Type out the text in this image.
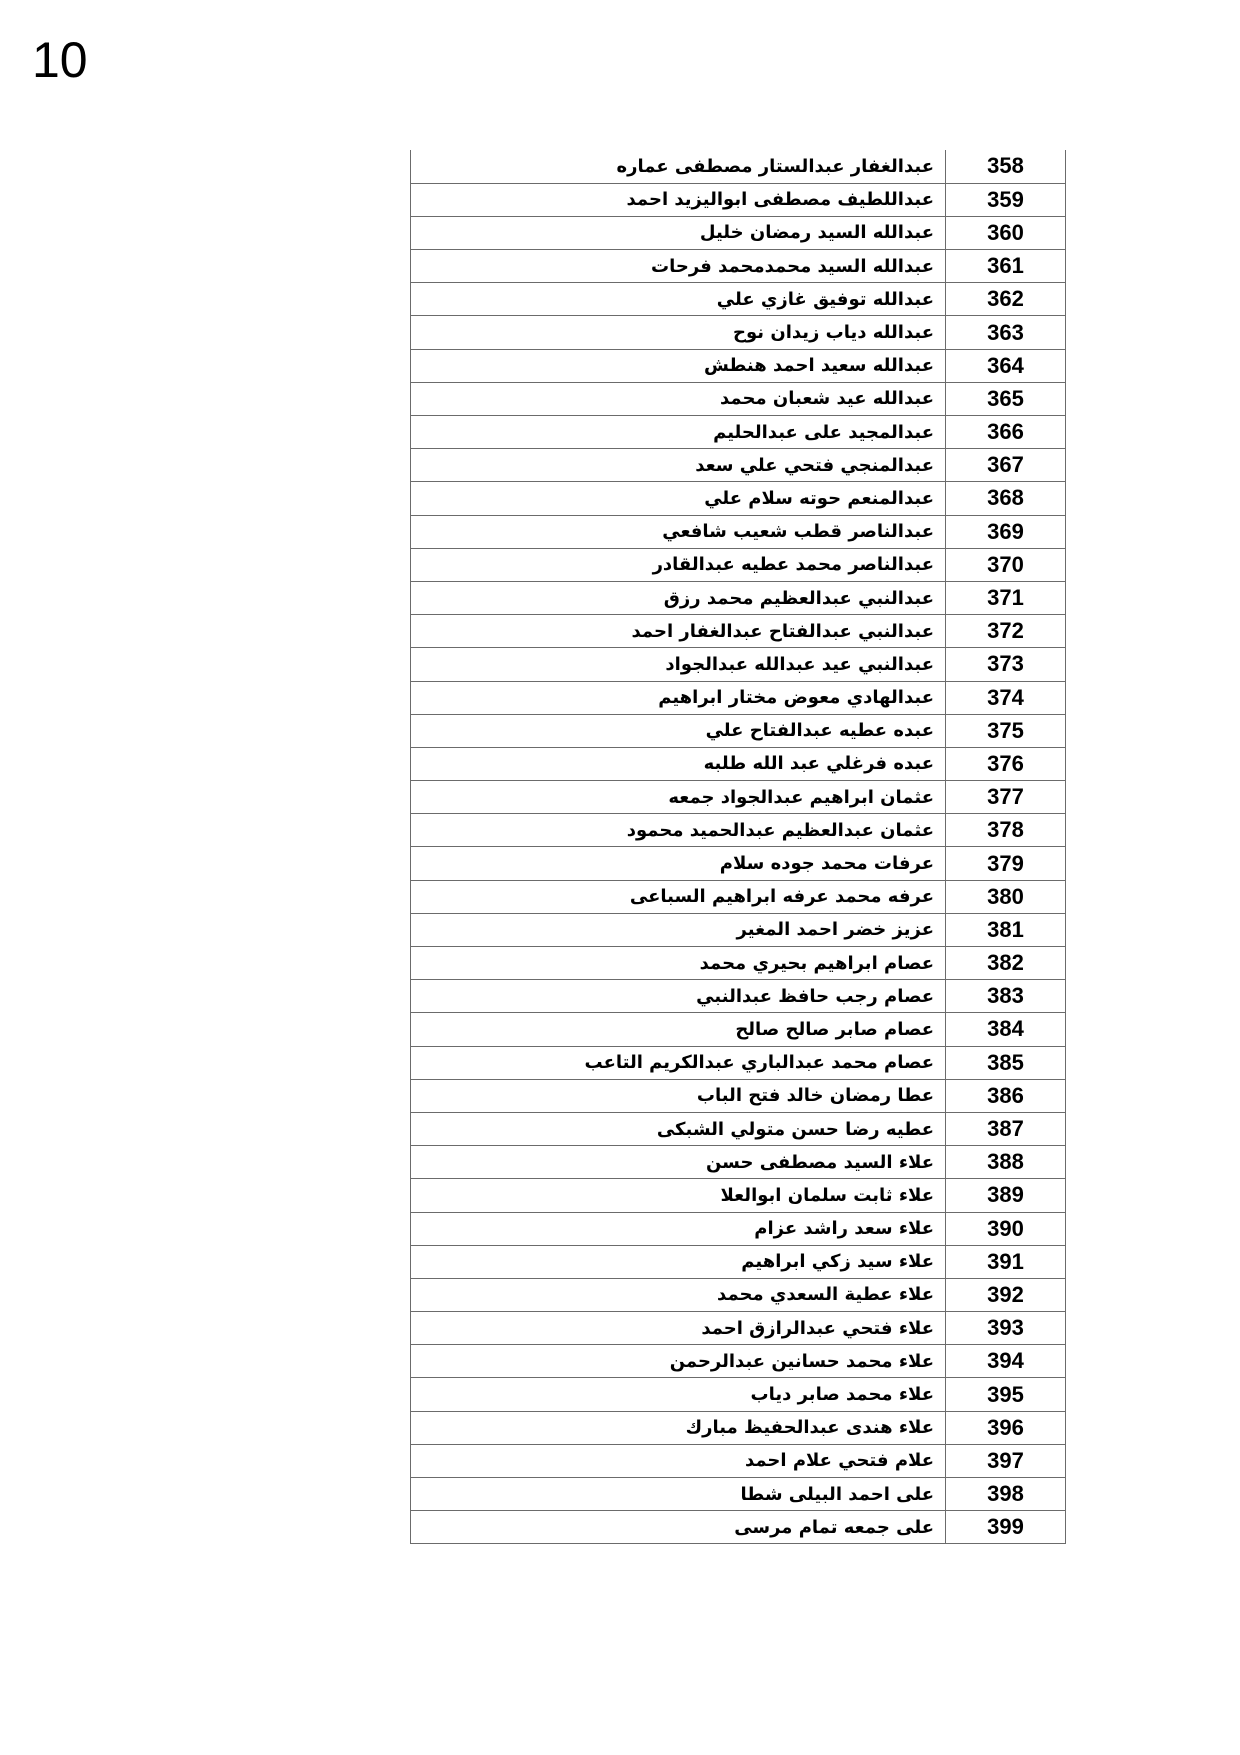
10
عبدالغفار عبدالستار مصطفى عماره	358
عبداللطيف مصطفى ابواليزيد احمد	359
عبدالله السيد رمضان خليل	360
عبدالله السيد محمدمحمد فرحات	361
عبدالله توفيق غازي علي	362
عبدالله دياب زيدان نوح	363
عبدالله سعيد احمد هنطش	364
عبدالله عيد شعبان محمد	365
عبدالمجيد على عبدالحليم	366
عبدالمنجي فتحي علي سعد	367
عبدالمنعم حوته سلام علي	368
عبدالناصر قطب شعيب شافعي	369
عبدالناصر محمد عطيه عبدالقادر	370
عبدالنبي عبدالعظيم محمد رزق	371
عبدالنبي عبدالفتاح عبدالغفار احمد	372
عبدالنبي عيد عبدالله عبدالجواد	373
عبدالهادي معوض مختار ابراهيم	374
عبده عطيه عبدالفتاح علي	375
عبده فرغلي عبد الله طلبه	376
عثمان ابراهيم عبدالجواد جمعه	377
عثمان عبدالعظيم عبدالحميد محمود	378
عرفات محمد جوده سلام	379
عرفه محمد عرفه ابراهيم السباعى	380
عزيز خضر احمد المغير	381
عصام ابراهيم بحيري محمد	382
عصام رجب حافظ عبدالنبي	383
عصام صابر صالح صالح	384
عصام محمد عبدالباري عبدالكريم التاعب	385
عطا رمضان خالد فتح الباب	386
عطيه رضا حسن متولي الشبكى	387
علاء السيد مصطفى حسن	388
علاء ثابت سلمان ابوالعلا	389
علاء سعد راشد عزام	390
علاء سيد زكي ابراهيم	391
علاء عطية السعدي محمد	392
علاء فتحي عبدالرازق احمد	393
علاء محمد حسانين عبدالرحمن	394
علاء محمد صابر دياب	395
علاء هندى عبدالحفيظ مبارك	396
علام فتحي علام احمد	397
على احمد البيلى شطا	398
على جمعه تمام مرسى	399
